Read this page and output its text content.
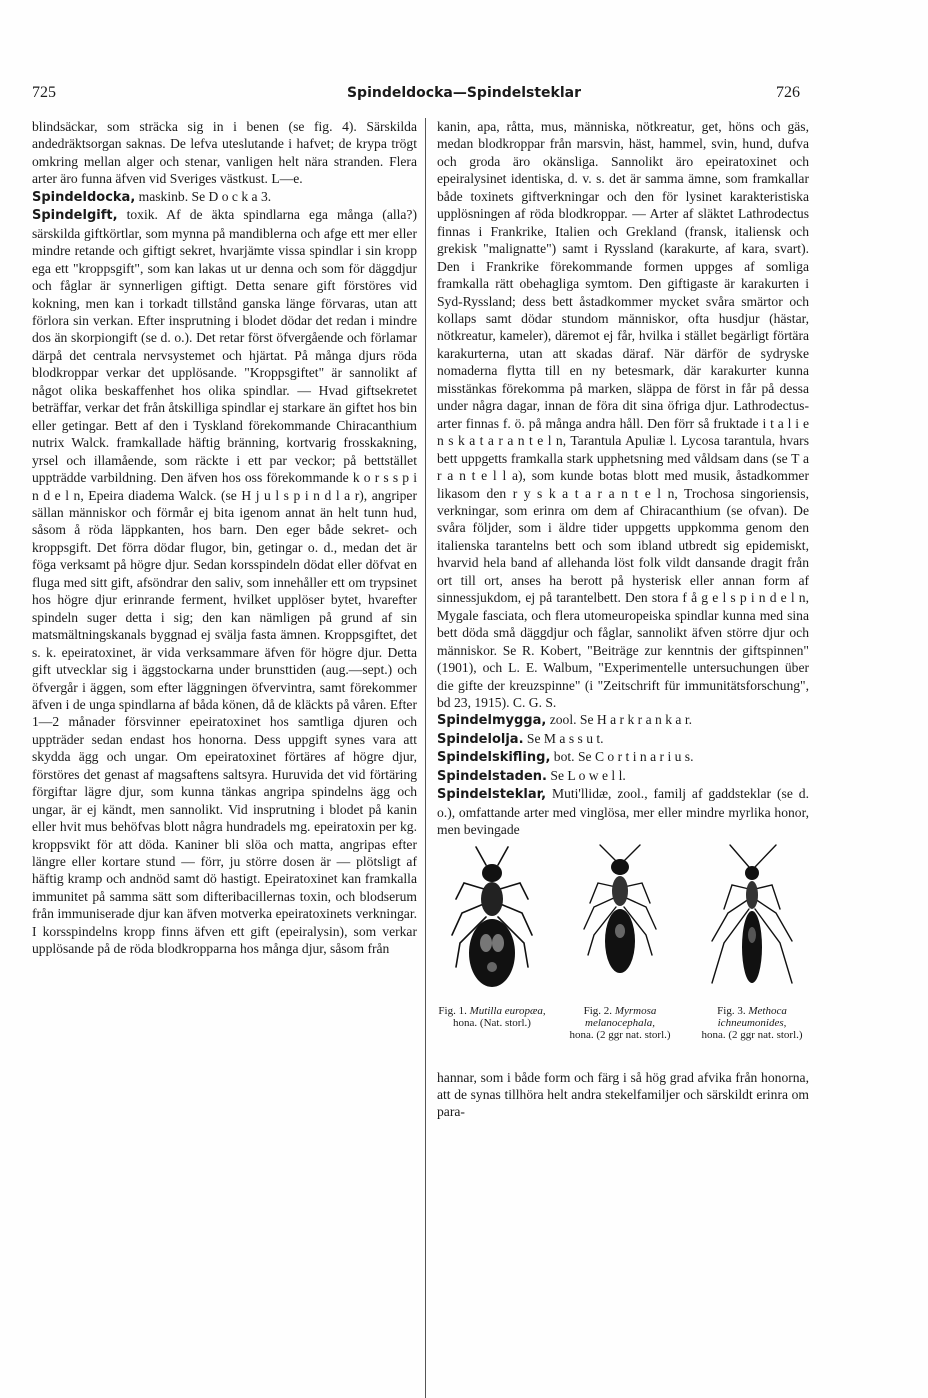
725	Spindeldocka—Spindelsteklar	726

blindsäckar, som sträcka sig in i benen (se fig. 4). Särskilda andedräktsorgan saknas. De lefva uteslutande i hafvet; de krypa trögt omkring mellan alger och stenar, vanligen helt nära stranden. Flera arter äro funna äfven vid Sveriges västkust. L—e.

Spindeldocka, maskinb. Se D o c k a 3.

Spindelgift, toxik. Af de äkta spindlarna ega många (alla?) särskilda giftkörtlar, som mynna på mandiblerna och afge ett mer eller mindre retande och giftigt sekret, hvarjämte vissa spindlar i sin kropp ega ett "kroppsgift", som kan lakas ut ur denna och som för däggdjur och fåglar är synnerligen giftigt. Detta senare gift förstöres vid kokning, men kan i torkadt tillstånd ganska länge förvaras, utan att förlora sin verkan. Efter insprutning i blodet dödar det redan i mindre dos än skorpiongift (se d. o.). Det retar först öfvergående och förlamar därpå det centrala nervsystemet och hjärtat. På många djurs röda blodkroppar verkar det upplösande. "Kroppsgiftet" är sannolikt af något olika beskaffenhet hos olika spindlar. — Hvad giftsekretet beträffar, verkar det från åtskilliga spindlar ej starkare än giftet hos bin eller getingar. Bett af den i Tyskland förekommande Chiracanthium nutrix Walck. framkallade häftig bränning, kortvarig frosskakning, yrsel och illamående, som räckte i ett par veckor; på bettstället uppträdde varbildning. Den äfven hos oss förekommande k o r s s p i n d e l n, Epeira diadema Walck. (se H j u l s p i n d l a r), angriper sällan människor och förmår ej bita igenom annat än helt tunn hud, såsom å röda läppkanten, hos barn. Den eger både sekret- och kroppsgift. Det förra dödar flugor, bin, getingar o. d., medan det är föga verksamt på högre djur. Sedan korsspindeln dödat eller döfvat en fluga med sitt gift, afsöndrar den saliv, som innehåller ett om trypsinet hos högre djur erinrande ferment, hvilket upplöser bytet, hvarefter spindeln suger detta i sig; den kan nämligen på grund af sin matsmältningskanals byggnad ej svälja fasta ämnen. Kroppsgiftet, det s. k. epeiratoxinet, är vida verksammare äfven för högre djur. Detta gift utvecklar sig i äggstockarna under brunsttiden (aug.—sept.) och öfvergår i äggen, som efter läggningen öfvervintra, samt förekommer äfven i de unga spindlarna af båda könen, då de kläckts på våren. Efter 1—2 månader försvinner epeiratoxinet hos samtliga djuren och uppträder sedan endast hos honorna. Dess uppgift synes vara att skydda ägg och ungar. Om epeiratoxinet förtäres af högre djur, förstöres det genast af magsaftens saltsyra. Huruvida det vid förtäring förgiftar lägre djur, som kunna tänkas angripa spindelns ägg och ungar, är ej kändt, men sannolikt. Vid insprutning i blodet på kanin eller hvit mus behöfvas blott några hundradels mg. epeiratoxin per kg. kroppsvikt för att döda. Kaniner bli slöa och matta, angripas efter längre eller kortare stund — förr, ju större dosen är — plötsligt af häftig kramp och andnöd samt dö hastigt. Epeiratoxinet kan framkalla immunitet på samma sätt som difteribacillernas toxin, och blodserum från immuniserade djur kan äfven motverka epeiratoxinets verkningar. I korsspindelns kropp finns äfven ett gift (epeiralysin), som verkar upplösande på de röda blodkropparna hos många djur, såsom från

kanin, apa, råtta, mus, människa, nötkreatur, get, höns och gäs, medan blodkroppar från marsvin, häst, hammel, svin, hund, dufva och groda äro okänsliga. Sannolikt äro epeiratoxinet och epeiralysinet identiska, d. v. s. det är samma ämne, som framkallar både toxinets giftverkningar och den för lysinet karakteristiska upplösningen af röda blodkroppar. — Arter af släktet Lathrodectus finnas i Frankrike, Italien och Grekland (fransk, italiensk och grekisk "malignatte") samt i Ryssland (karakurte, af kara, svart). Den i Frankrike förekommande formen uppges af somliga framkalla rätt obehagliga symtom. Den giftigaste är karakurten i Syd-Ryssland; dess bett åstadkommer mycket svåra smärtor och kollaps samt dödar stundom människor, ofta husdjur (hästar, nötkreatur, kameler), däremot ej får, hvilka i stället begärligt förtära karakurterna, utan att skadas däraf. När därför de sydryske nomaderna flytta till en ny betesmark, där karakurter kunna misstänkas förekomma på marken, släppa de först in får på dessa under några dagar, innan de föra dit sina öfriga djur. Lathrodectus-arter finnas f. ö. på många andra håll. Den förr så fruktade i t a l i e n s k a t a r a n t e l n, Tarantula Apuliæ l. Lycosa tarantula, hvars bett uppgetts framkalla stark upphetsning med våldsam dans (se T a r a n t e l l a), som kunde botas blott med musik, åstadkommer likasom den r y s k a t a r a n t e l n, Trochosa singoriensis, verkningar, som erinra om dem af Chiracanthium (se ofvan). De svåra följder, som i äldre tider uppgetts uppkomma genom den italienska tarantelns bett och som ibland utbredt sig epidemiskt, hvarvid hela band af allehanda löst folk vildt dansande dragit från ort till ort, anses ha berott på hysterisk eller annan form af sinnessjukdom, ej på tarantelbett. Den stora f å g e l s p i n d e l n, Mygale fasciata, och flera utomeuropeiska spindlar kunna med sina bett döda små däggdjur och fåglar, sannolikt äfven större djur och människor. Se R. Kobert, "Beiträge zur kenntnis der giftspinnen" (1901), och L. E. Walbum, "Experimentelle untersuchungen über die gifte der kreuzspinne" (i "Zeitschrift für immunitätsforschung", bd 23, 1915). C. G. S.

Spindelmygga, zool. Se H a r k r a n k a r.

Spindelolja. Se M a s s u t.

Spindelskifling, bot. Se C o r t i n a r i u s.

Spindelstaden. Se L o w e l l.

Spindelsteklar, Muti'llidæ, zool., familj af gaddsteklar (se d. o.), omfattande arter med vinglösa, mer eller mindre myrlika honor, men bevingade

Fig. 1. Mutilla europæa,
hona. (Nat. storl.)
Fig. 2. Myrmosa melanocephala,
hona. (2 ggr nat. storl.)
Fig. 3. Methoca ichneumonides,
hona. (2 ggr nat. storl.)

hannar, som i både form och färg i så hög grad afvika från honorna, att de synas tillhöra helt andra stekelfamiljer och särskildt erinra om para-
